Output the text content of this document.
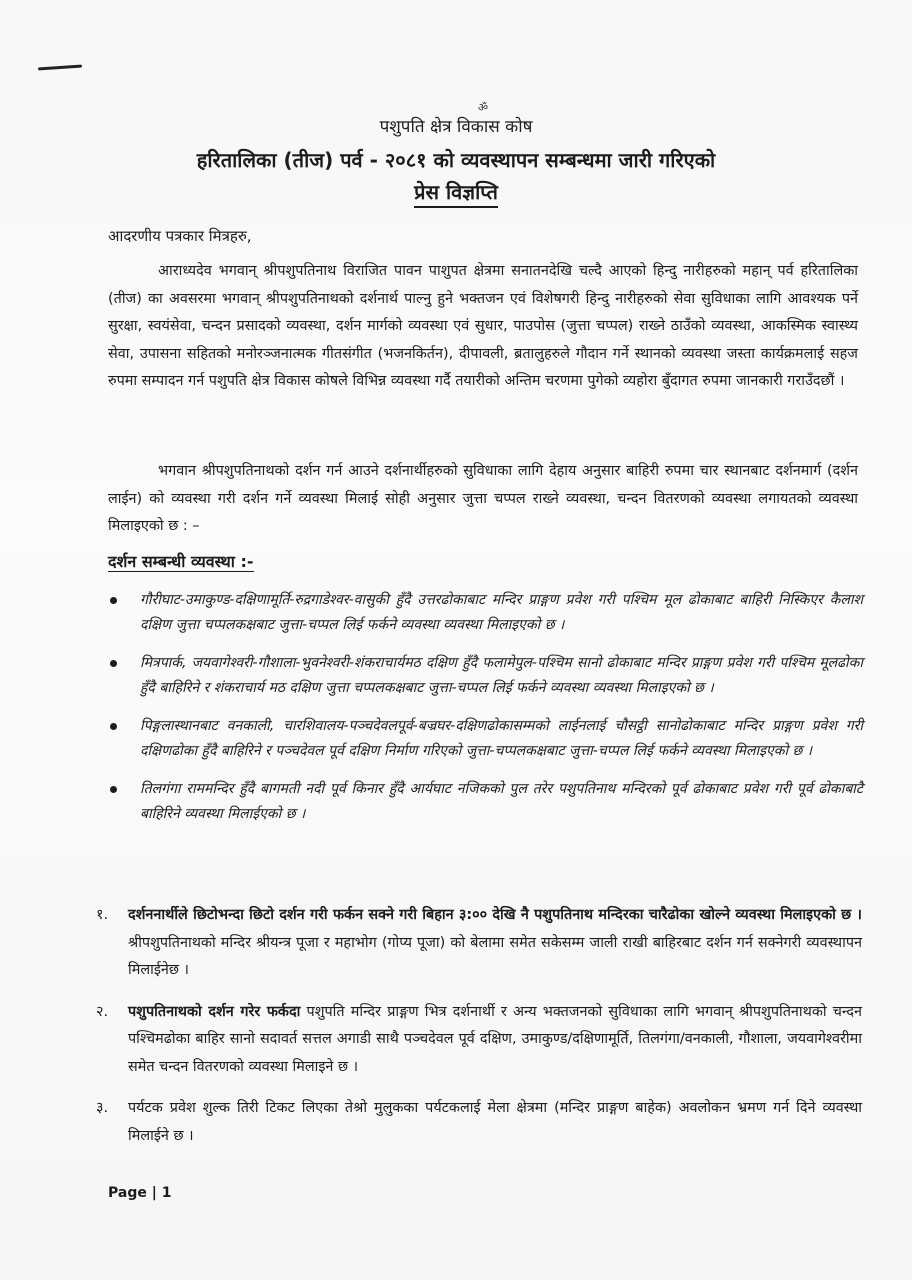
ॐ
पशुपति क्षेत्र विकास कोष
हरितालिका (तीज) पर्व - २०८१ को व्यवस्थापन सम्बन्धमा जारी गरिएको
प्रेस विज्ञप्ति
आदरणीय पत्रकार मित्रहरु,

आराध्यदेव भगवान् श्रीपशुपतिनाथ विराजित पावन पाशुपत क्षेत्रमा सनातनदेखि चल्दै आएको हिन्दु नारीहरुको महान् पर्व हरितालिका (तीज) का अवसरमा भगवान् श्रीपशुपतिनाथको दर्शनार्थ पाल्नु हुने भक्तजन एवं विशेषगरी हिन्दु नारीहरुको सेवा सुविधाका लागि आवश्यक पर्ने सुरक्षा, स्वयंसेवा, चन्दन प्रसादको व्यवस्था, दर्शन मार्गको व्यवस्था एवं सुधार, पाउपोस (जुत्ता चप्पल) राख्ने ठाउँको व्यवस्था, आकस्मिक स्वास्थ्य सेवा, उपासना सहितको मनोरञ्जनात्मक गीतसंगीत (भजनकिर्तन), दीपावली, ब्रतालुहरुले गौदान गर्ने स्थानको व्यवस्था जस्ता कार्यक्रमलाई सहज रुपमा सम्पादन गर्न पशुपति क्षेत्र विकास कोषले विभिन्न व्यवस्था गर्दै तयारीको अन्तिम चरणमा पुगेको व्यहोरा बुँदागत रुपमा जानकारी गराउँदछौं ।

भगवान श्रीपशुपतिनाथको दर्शन गर्न आउने दर्शनार्थीहरुको सुविधाका लागि देहाय अनुसार बाहिरी रुपमा चार स्थानबाट दर्शनमार्ग (दर्शन लाईन) को व्यवस्था गरी दर्शन गर्ने व्यवस्था मिलाई सोही अनुसार जुत्ता चप्पल राख्ने व्यवस्था, चन्दन वितरणको व्यवस्था लगायतको व्यवस्था मिलाइएको छ : –

दर्शन सम्बन्धी व्यवस्था :-
गौरीघाट-उमाकुण्ड-दक्षिणामूर्ति-रुद्रगाडेश्वर-वासुकी हुँदै उत्तरढोकाबाट मन्दिर प्राङ्गण प्रवेश गरी पश्चिम मूल ढोकाबाट बाहिरी निस्किएर कैलाश दक्षिण जुत्ता चप्पलकक्षबाट जुत्ता-चप्पल लिई फर्कने व्यवस्था व्यवस्था मिलाइएको छ ।
मित्रपार्क, जयवागेश्वरी-गौशाला-भुवनेश्वरी-शंकराचार्यमठ दक्षिण हुँदै फलामेपुल-पश्चिम सानो ढोकाबाट मन्दिर प्राङ्गण प्रवेश गरी पश्चिम मूलढोका हुँदै बाहिरिने र शंकराचार्य मठ दक्षिण जुत्ता चप्पलकक्षबाट जुत्ता-चप्पल लिई फर्कने व्यवस्था व्यवस्था मिलाइएको छ ।
पिङ्गलास्थानबाट वनकाली, चारशिवालय-पञ्चदेवलपूर्व-बज्रघर-दक्षिणढोकासम्मको लाईनलाई चौसट्ठी सानोढोकाबाट मन्दिर प्राङ्गण प्रवेश गरी दक्षिणढोका हुँदै बाहिरिने र पञ्चदेवल पूर्व दक्षिण निर्माण गरिएको जुत्ता-चप्पलकक्षबाट जुत्ता-चप्पल लिई फर्कने व्यवस्था मिलाइएको छ ।
तिलगंगा राममन्दिर हुँदै बागमती नदी पूर्व किनार हुँदै आर्यघाट नजिकको पुल तरेर पशुपतिनाथ मन्दिरको पूर्व ढोकाबाट प्रवेश गरी पूर्व ढोकाबाटै बाहिरिने व्यवस्था मिलाईएको छ ।
१. दर्शननार्थीले छिटोभन्दा छिटो दर्शन गरी फर्कन सक्ने गरी बिहान ३:०० देखि नै पशुपतिनाथ मन्दिरका चारैढोका खोल्ने व्यवस्था मिलाइएको छ । श्रीपशुपतिनाथको मन्दिर श्रीयन्त्र पूजा र महाभोग (गोप्य पूजा) को बेलामा समेत सकेसम्म जाली राखी बाहिरबाट दर्शन गर्न सक्नेगरी व्यवस्थापन मिलाईनेछ ।
२. पशुपतिनाथको दर्शन गरेर फर्कदा पशुपति मन्दिर प्राङ्गण भित्र दर्शनार्थी र अन्य भक्तजनको सुविधाका लागि भगवान् श्रीपशुपतिनाथको चन्दन पश्चिमढोका बाहिर सानो सदावर्त सत्तल अगाडी साथै पञ्चदेवल पूर्व दक्षिण, उमाकुण्ड/दक्षिणामूर्ति, तिलगंगा/वनकाली, गौशाला, जयवागेश्वरीमा समेत चन्दन वितरणको व्यवस्था मिलाइने छ ।
३. पर्यटक प्रवेश शुल्क तिरी टिकट लिएका तेश्रो मुलुकका पर्यटकलाई मेला क्षेत्रमा (मन्दिर प्राङ्गण बाहेक) अवलोकन भ्रमण गर्न दिने व्यवस्था मिलाईने छ ।
Page | 1
